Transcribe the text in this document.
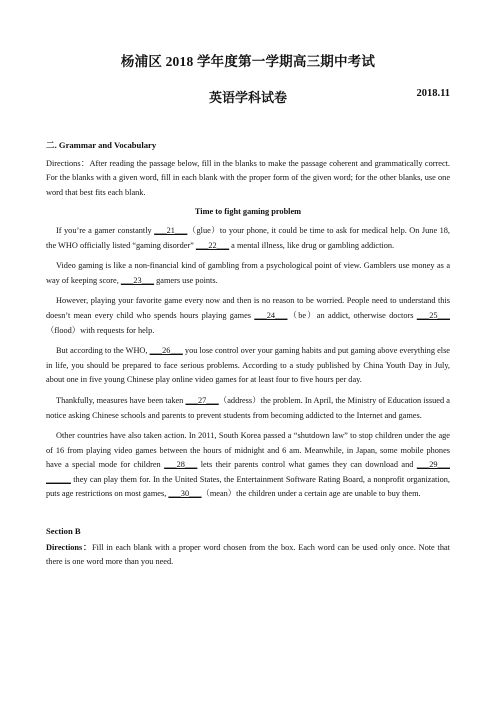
杨浦区 2018 学年度第一学期高三期中考试
英语学科试卷	2018.11
二. Grammar and Vocabulary
Directions：After reading the passage below, fill in the blanks to make the passage coherent and grammatically correct. For the blanks with a given word, fill in each blank with the proper form of the given word; for the other blanks, use one word that best fits each blank.
Time to fight gaming problem

If you’re a gamer constantly ___21___（glue）to your phone, it could be time to ask for medical help. On June 18, the WHO officially listed “gaming disorder” ___22___ a mental illness, like drug or gambling addiction.

Video gaming is like a non-financial kind of gambling from a psychological point of view. Gamblers use money as a way of keeping score, ___23___ gamers use points.

However, playing your favorite game every now and then is no reason to be worried. People need to understand this doesn’t mean every child who spends hours playing games ___24___（be）an addict, otherwise doctors ___25___（flood）with requests for help.

But according to the WHO, ___26___ you lose control over your gaming habits and put gaming above everything else in life, you should be prepared to face serious problems. According to a study published by China Youth Day in July, about one in five young Chinese play online video games for at least four to five hours per day.

Thankfully, measures have been taken ___27___（address）the problem. In April, the Ministry of Education issued a notice asking Chinese schools and parents to prevent students from becoming addicted to the Internet and games.

Other countries have also taken action. In 2011, South Korea passed a “shutdown law” to stop children under the age of 16 from playing video games between the hours of midnight and 6 am. Meanwhile, in Japan, some mobile phones have a special mode for children ___28___ lets their parents control what games they can download and ___29___ ______ they can play them for. In the United States, the Entertainment Software Rating Board, a nonprofit organization, puts age restrictions on most games, ___30___（mean）the children under a certain age are unable to buy them.

Section B
Directions：Fill in each blank with a proper word chosen from the box. Each word can be used only once. Note that there is one word more than you need.
